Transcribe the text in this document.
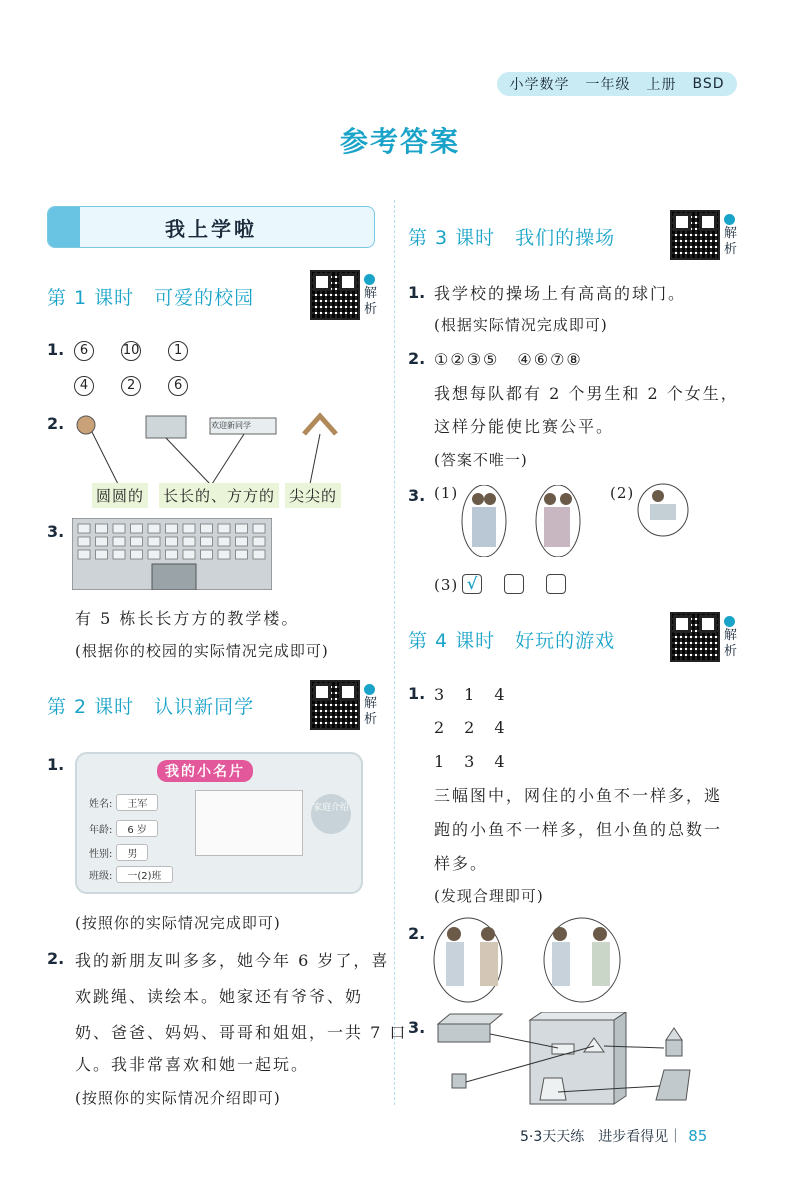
小学数学 一年级 上册 BSD
参考答案
我上学啦
第 1 课时　可爱的校园	解析
1.	6	10	1
4	2	6
2.	欢迎新同学
圆圆的 长长的、方方的 尖尖的
3.
有 5 栋长长方方的教学楼。
(根据你的校园的实际情况完成即可)
第 2 课时　认识新同学	解析
1.	我的小名片
姓名: 王军
年龄: 6 岁
性别: 男
班级: 一(2)班
家庭介绍
(按照你的实际情况完成即可)
2. 我的新朋友叫多多，她今年 6 岁了，喜
欢跳绳、读绘本。她家还有爷爷、奶
奶、爸爸、妈妈、哥哥和姐姐，一共 7 口
人。我非常喜欢和她一起玩。
(按照你的实际情况介绍即可)
第 3 课时　我们的操场	解析
1. 我学校的操场上有高高的球门。
(根据实际情况完成即可)
2. ①②③⑤　④⑥⑦⑧
我想每队都有 2 个男生和 2 个女生，
这样分能使比赛公平。
(答案不唯一)
3. (1)	(2)
(3) √
第 4 课时　好玩的游戏	解析
1. 3　1　4
2　2　4
1　3　4
三幅图中，网住的小鱼不一样多，逃
跑的小鱼不一样多，但小鱼的总数一
样多。
(发现合理即可)
2.
3.
5·3天天练　进步看得见｜ 85
